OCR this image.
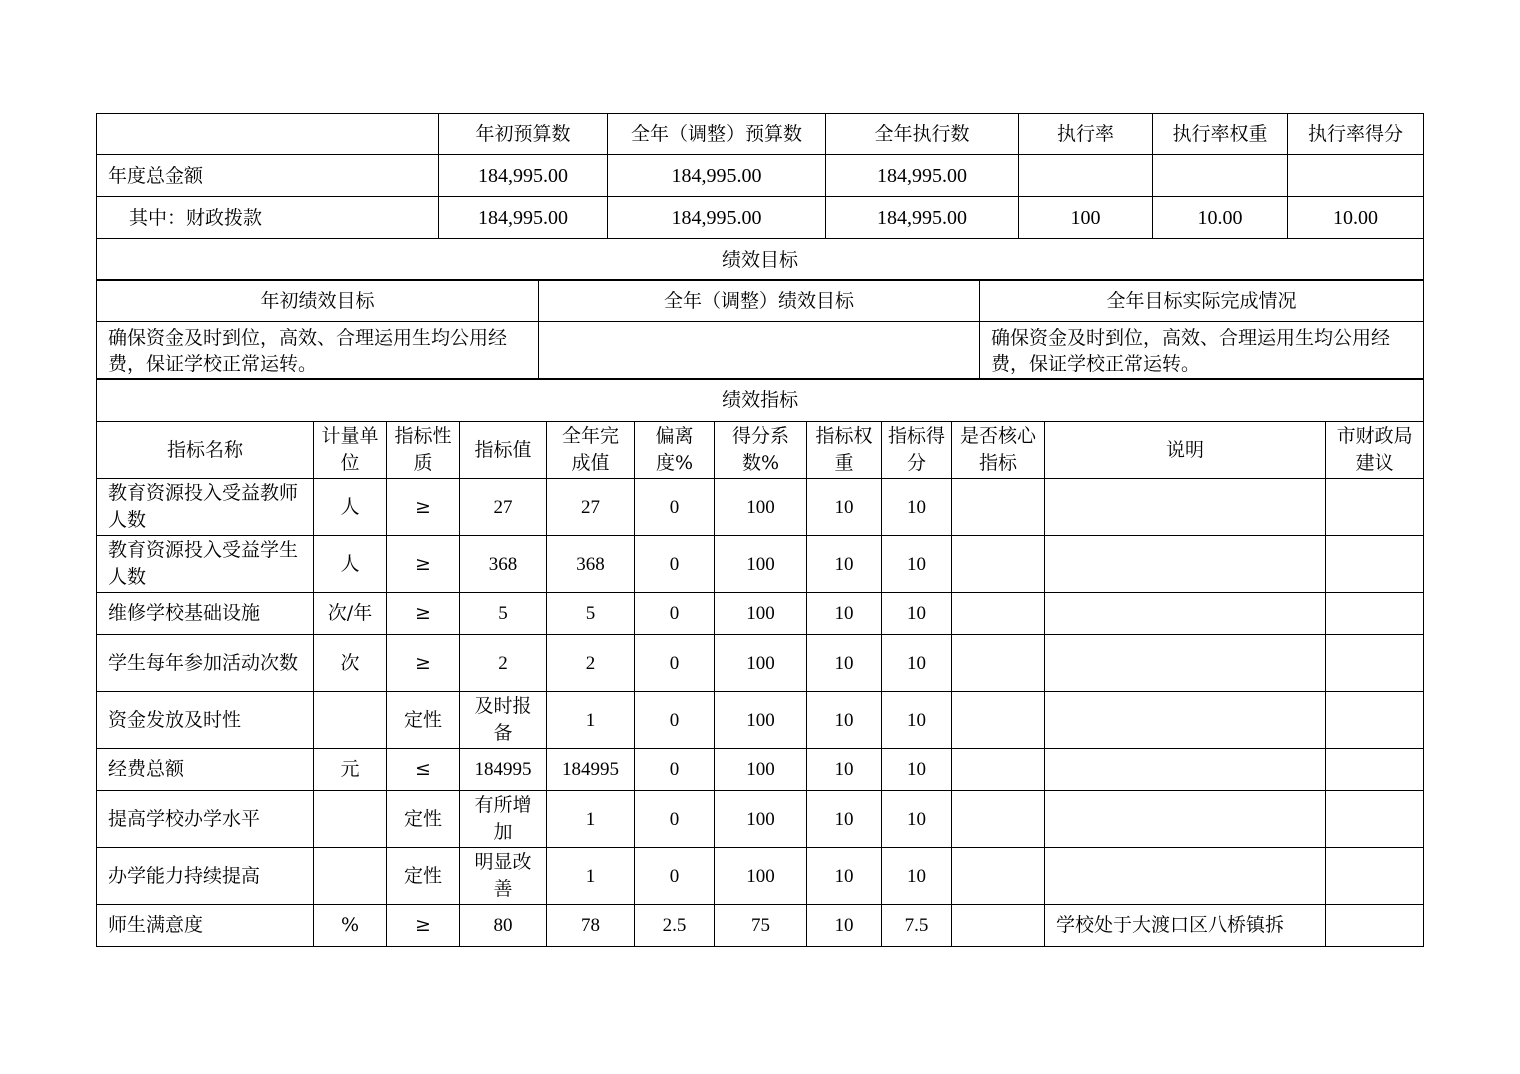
	年初预算数	全年（调整）预算数	全年执行数	执行率	执行率权重	执行率得分
年度总金额	184,995.00	184,995.00	184,995.00			
其中：财政拨款	184,995.00	184,995.00	184,995.00	100	10.00	10.00
绩效目标						
年初绩效目标	全年（调整）绩效目标	全年目标实际完成情况
确保资金及时到位，高效、合理运用生均公用经费，保证学校正常运转。		确保资金及时到位，高效、合理运用生均公用经费，保证学校正常运转。
绩效指标											
指标名称	计量单位	指标性质	指标值	全年完成值	偏离度%	得分系数%	指标权重	指标得分	是否核心指标	说明	市财政局建议
教育资源投入受益教师人数	人	≥	27	27	0	100	10	10			
教育资源投入受益学生人数	人	≥	368	368	0	100	10	10			
维修学校基础设施	次/年	≥	5	5	0	100	10	10			
学生每年参加活动次数	次	≥	2	2	0	100	10	10			
资金发放及时性		定性	及时报备	1	0	100	10	10			
经费总额	元	≤	184995	184995	0	100	10	10			
提高学校办学水平		定性	有所增加	1	0	100	10	10			
办学能力持续提高		定性	明显改善	1	0	100	10	10			
师生满意度	%	≥	80	78	2.5	75	10	7.5		学校处于大渡口区八桥镇拆	
